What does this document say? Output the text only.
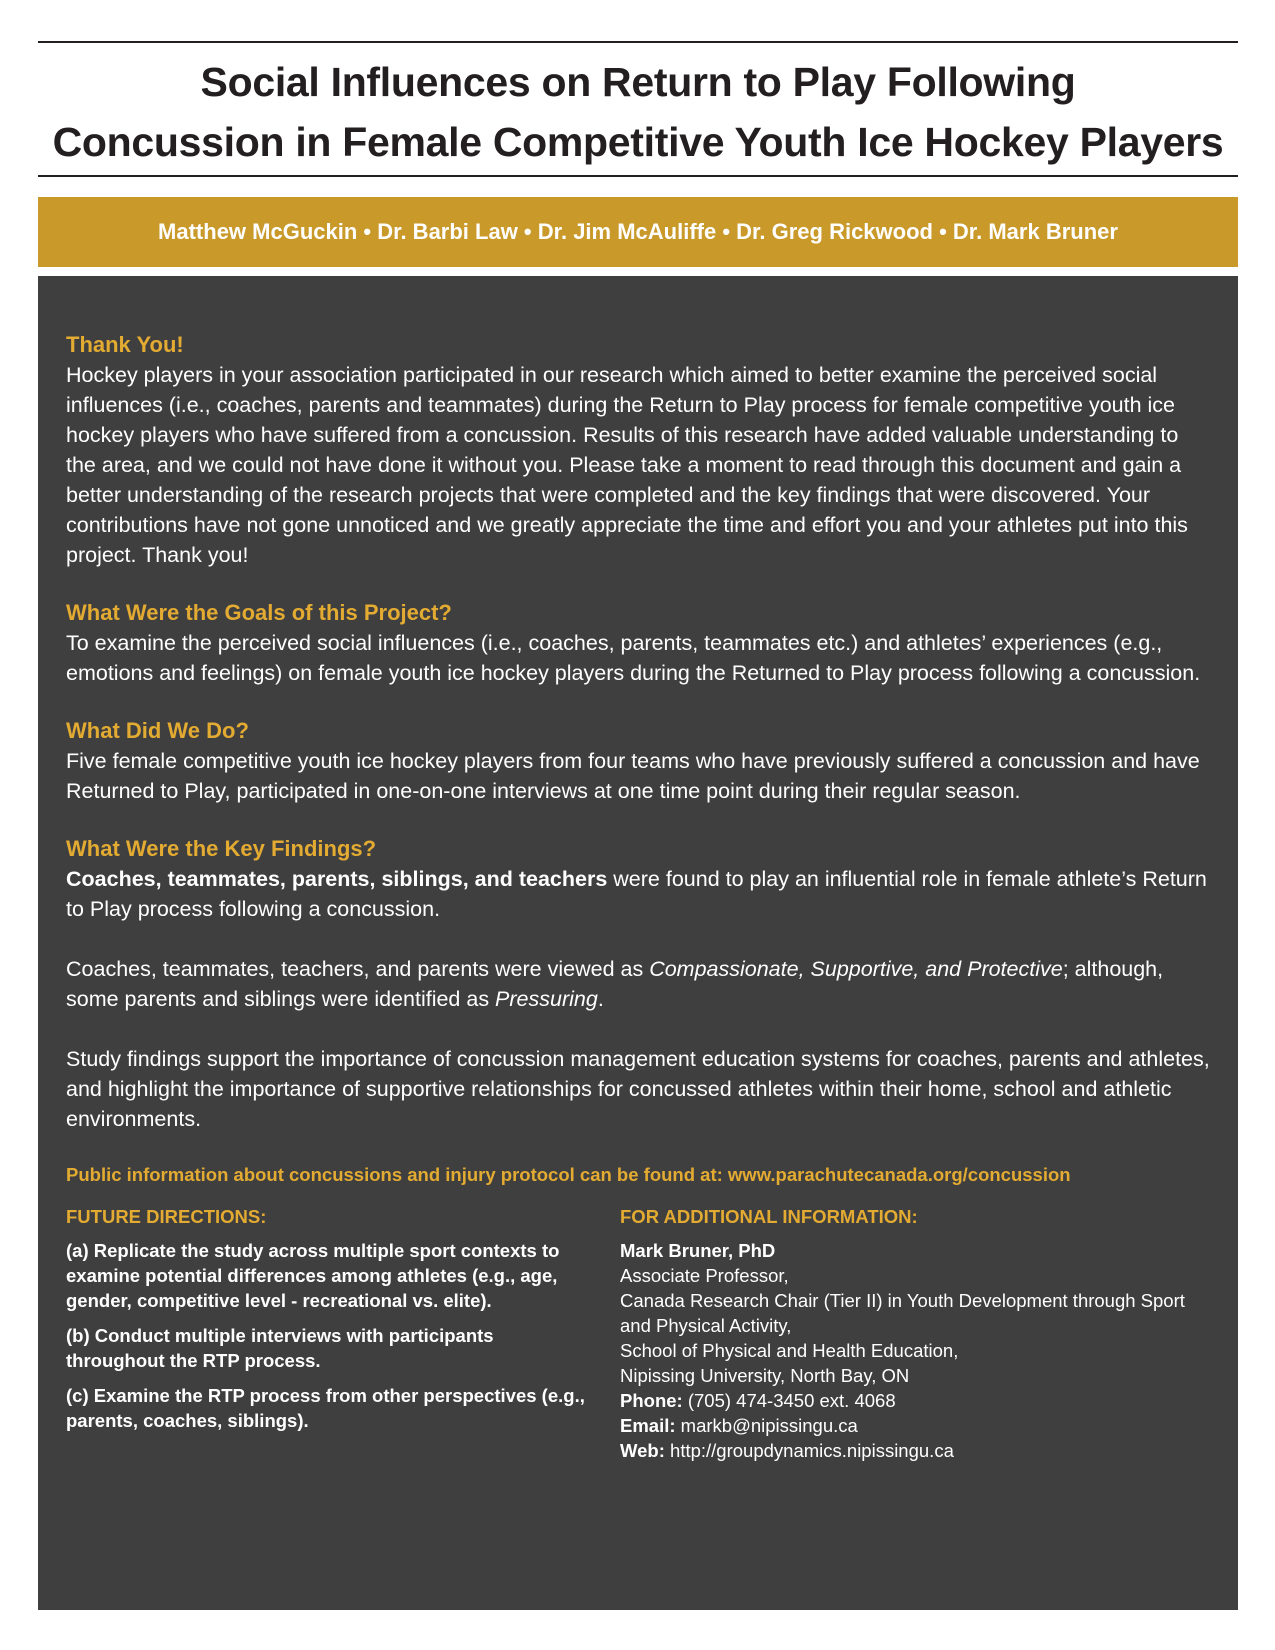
Social Influences on Return to Play Following
Concussion in Female Competitive Youth Ice Hockey Players
Matthew McGuckin • Dr. Barbi Law • Dr. Jim McAuliffe • Dr. Greg Rickwood • Dr. Mark Bruner
Thank You!

Hockey players in your association participated in our research which aimed to better examine the perceived social influences (i.e., coaches, parents and teammates) during the Return to Play process for female competitive youth ice hockey players who have suffered from a concussion. Results of this research have added valuable understanding to the area, and we could not have done it without you. Please take a moment to read through this document and gain a better understanding of the research projects that were completed and the key findings that were discovered. Your contributions have not gone unnoticed and we greatly appreciate the time and effort you and your athletes put into this project. Thank you!

What Were the Goals of this Project?

To examine the perceived social influences (i.e., coaches, parents, teammates etc.) and athletes’ experiences (e.g., emotions and feelings) on female youth ice hockey players during the Returned to Play process following a concussion.

What Did We Do?

Five female competitive youth ice hockey players from four teams who have previously suffered a concussion and have Returned to Play, participated in one-on-one interviews at one time point during their regular season.

What Were the Key Findings?

Coaches, teammates, parents, siblings, and teachers were found to play an influential role in female athlete’s Return to Play process following a concussion.

Coaches, teammates, teachers, and parents were viewed as Compassionate, Supportive, and Protective; although, some parents and siblings were identified as Pressuring.

Study findings support the importance of concussion management education systems for coaches, parents and athletes, and highlight the importance of supportive relationships for concussed athletes within their home, school and athletic environments.

Public information about concussions and injury protocol can be found at: www.parachutecanada.org/concussion
FUTURE DIRECTIONS:
(a) Replicate the study across multiple sport contexts to examine potential differences among athletes (e.g., age, gender, competitive level - recreational vs. elite).
(b) Conduct multiple interviews with participants throughout the RTP process.
(c) Examine the RTP process from other perspectives (e.g., parents, coaches, siblings).
FOR ADDITIONAL INFORMATION:
Mark Bruner, PhD
Associate Professor,
Canada Research Chair (Tier II) in Youth Development through Sport and Physical Activity,
School of Physical and Health Education,
Nipissing University, North Bay, ON
Phone: (705) 474-3450 ext. 4068
Email: markb@nipissingu.ca
Web: http://groupdynamics.nipissingu.ca
